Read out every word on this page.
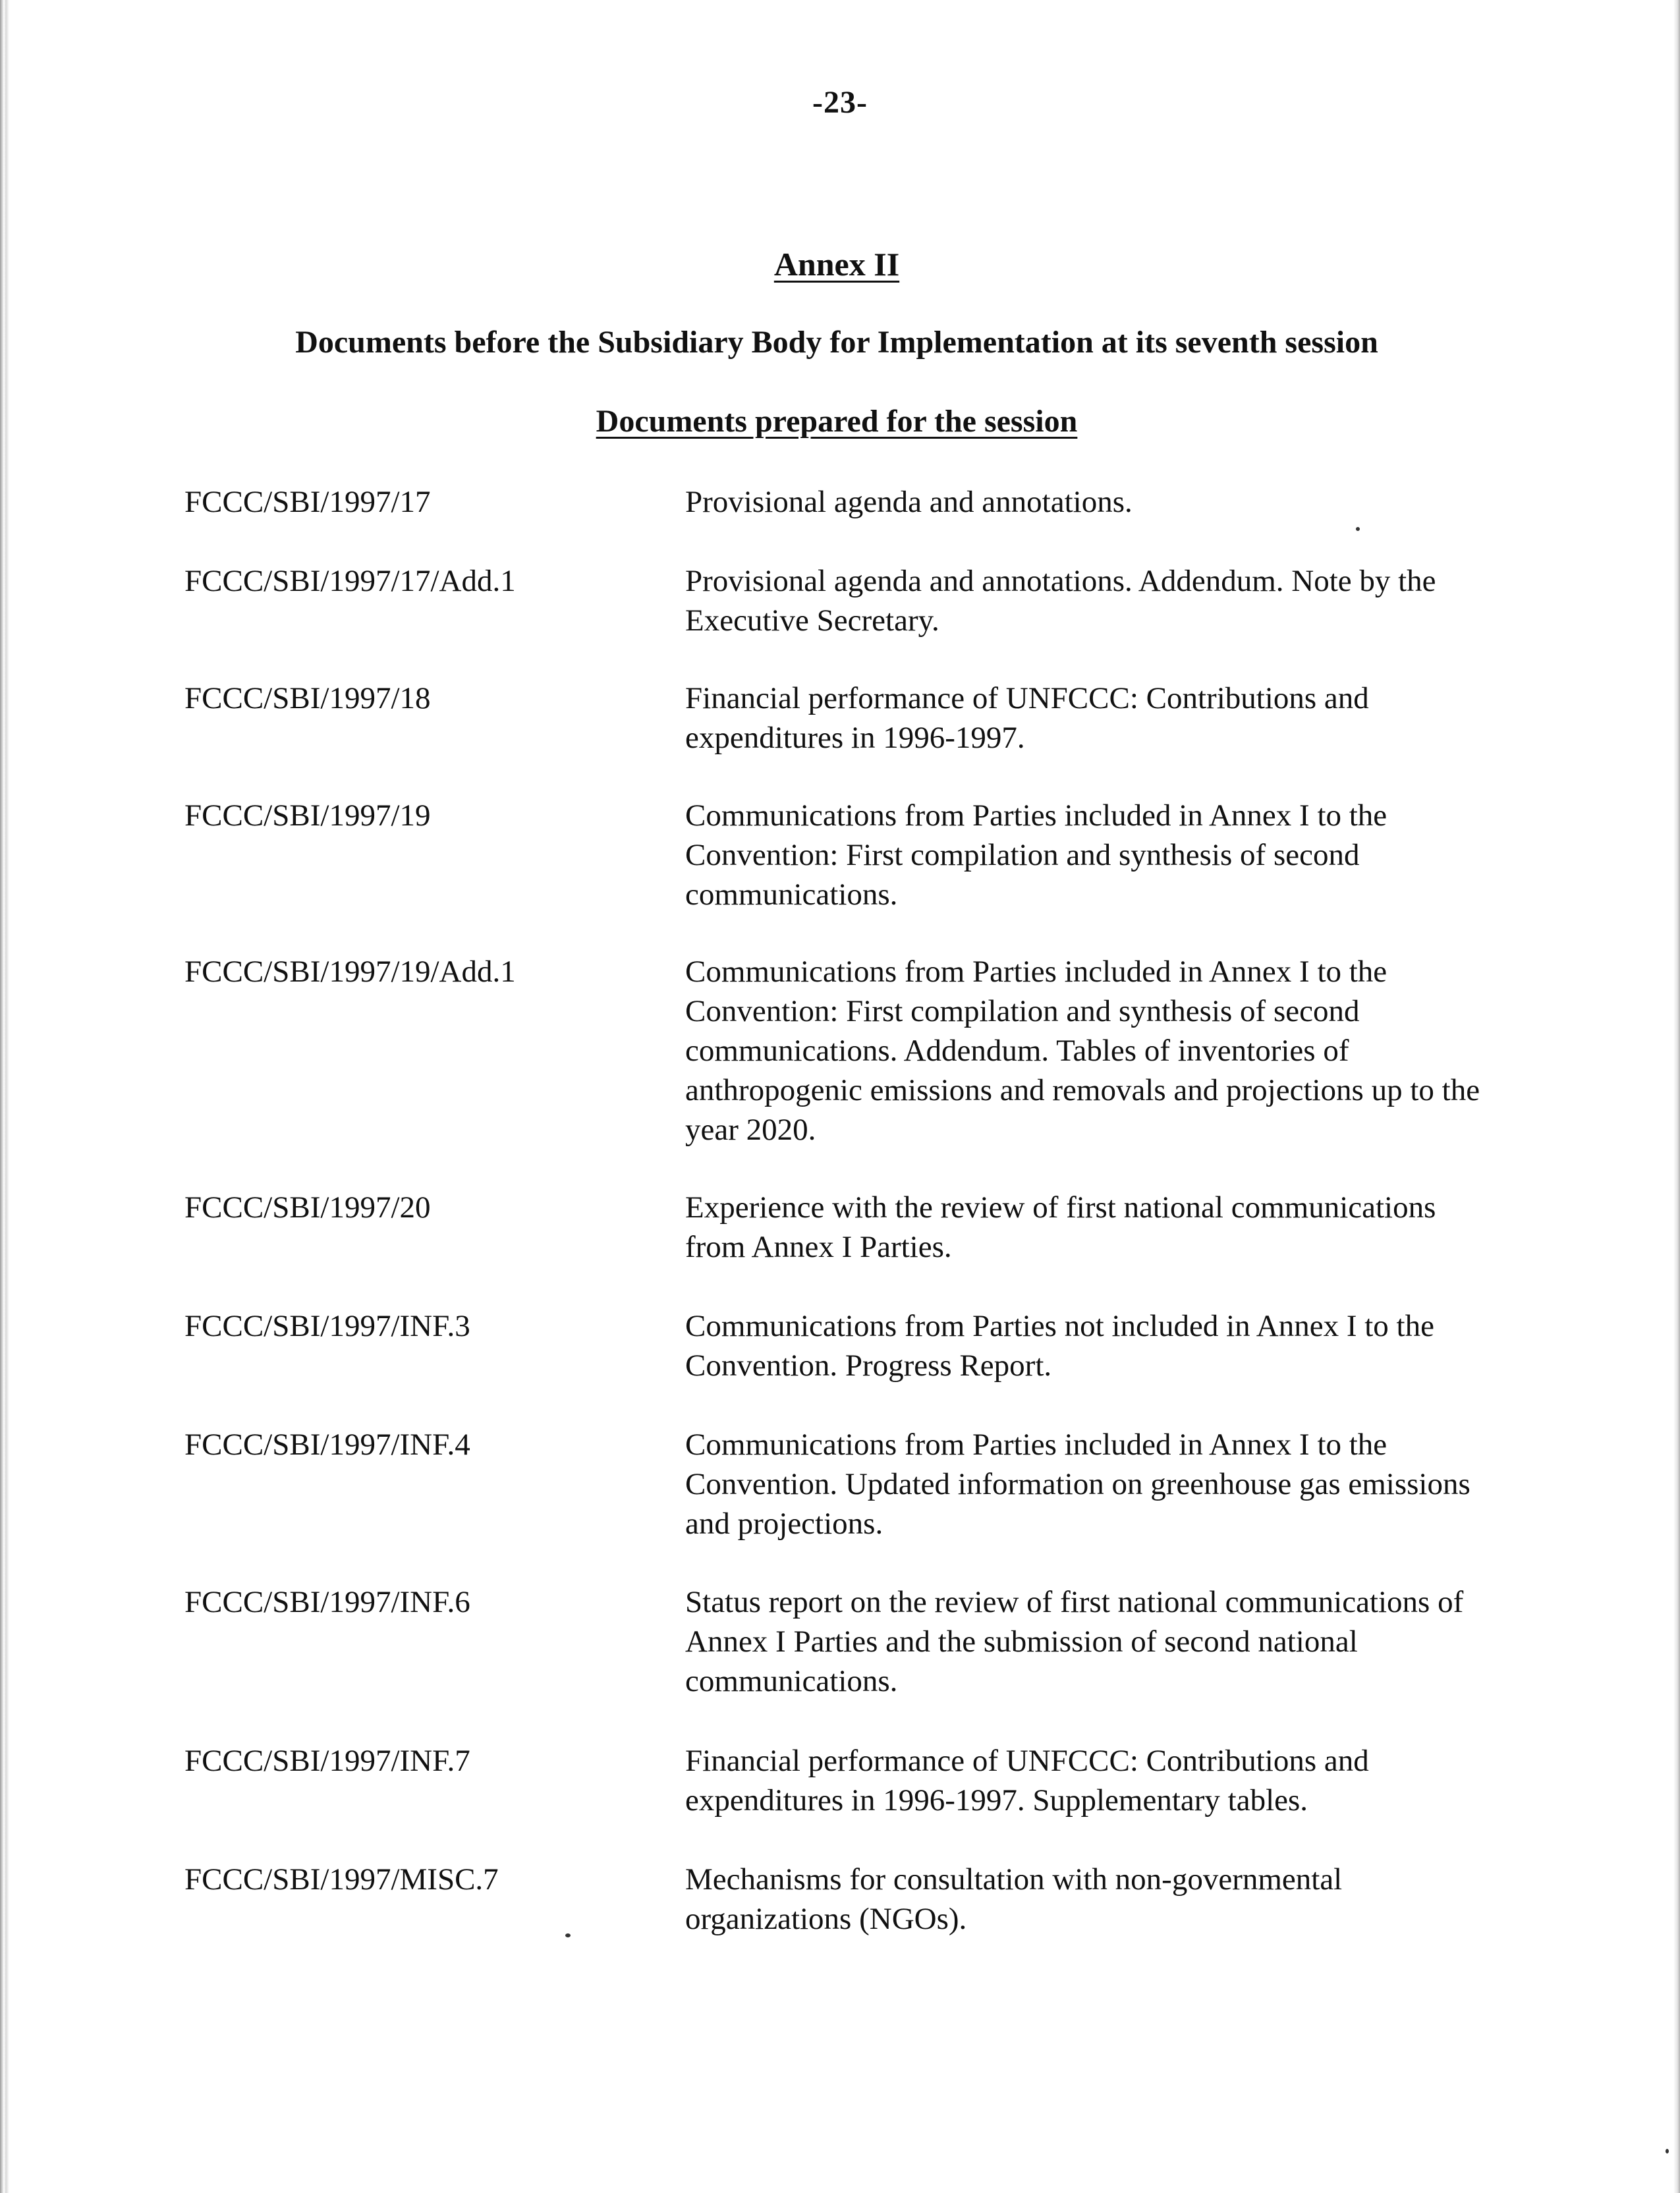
-23-
Annex II
Documents before the Subsidiary Body for Implementation at its seventh session
Documents prepared for the session
FCCC/SBI/1997/17	Provisional agenda and annotations.
FCCC/SBI/1997/17/Add.1	Provisional agenda and annotations. Addendum. Note by the Executive Secretary.
FCCC/SBI/1997/18	Financial performance of UNFCCC: Contributions and expenditures in 1996-1997.
FCCC/SBI/1997/19	Communications from Parties included in Annex I to the Convention: First compilation and synthesis of second communications.
FCCC/SBI/1997/19/Add.1	Communications from Parties included in Annex I to the Convention: First compilation and synthesis of second communications. Addendum. Tables of inventories of anthropogenic emissions and removals and projections up to the year 2020.
FCCC/SBI/1997/20	Experience with the review of first national communications from Annex I Parties.
FCCC/SBI/1997/INF.3	Communications from Parties not included in Annex I to the Convention. Progress Report.
FCCC/SBI/1997/INF.4	Communications from Parties included in Annex I to the Convention. Updated information on greenhouse gas emissions and projections.
FCCC/SBI/1997/INF.6	Status report on the review of first national communications of Annex I Parties and the submission of second national communications.
FCCC/SBI/1997/INF.7	Financial performance of UNFCCC: Contributions and expenditures in 1996-1997. Supplementary tables.
FCCC/SBI/1997/MISC.7	Mechanisms for consultation with non-governmental organizations (NGOs).
